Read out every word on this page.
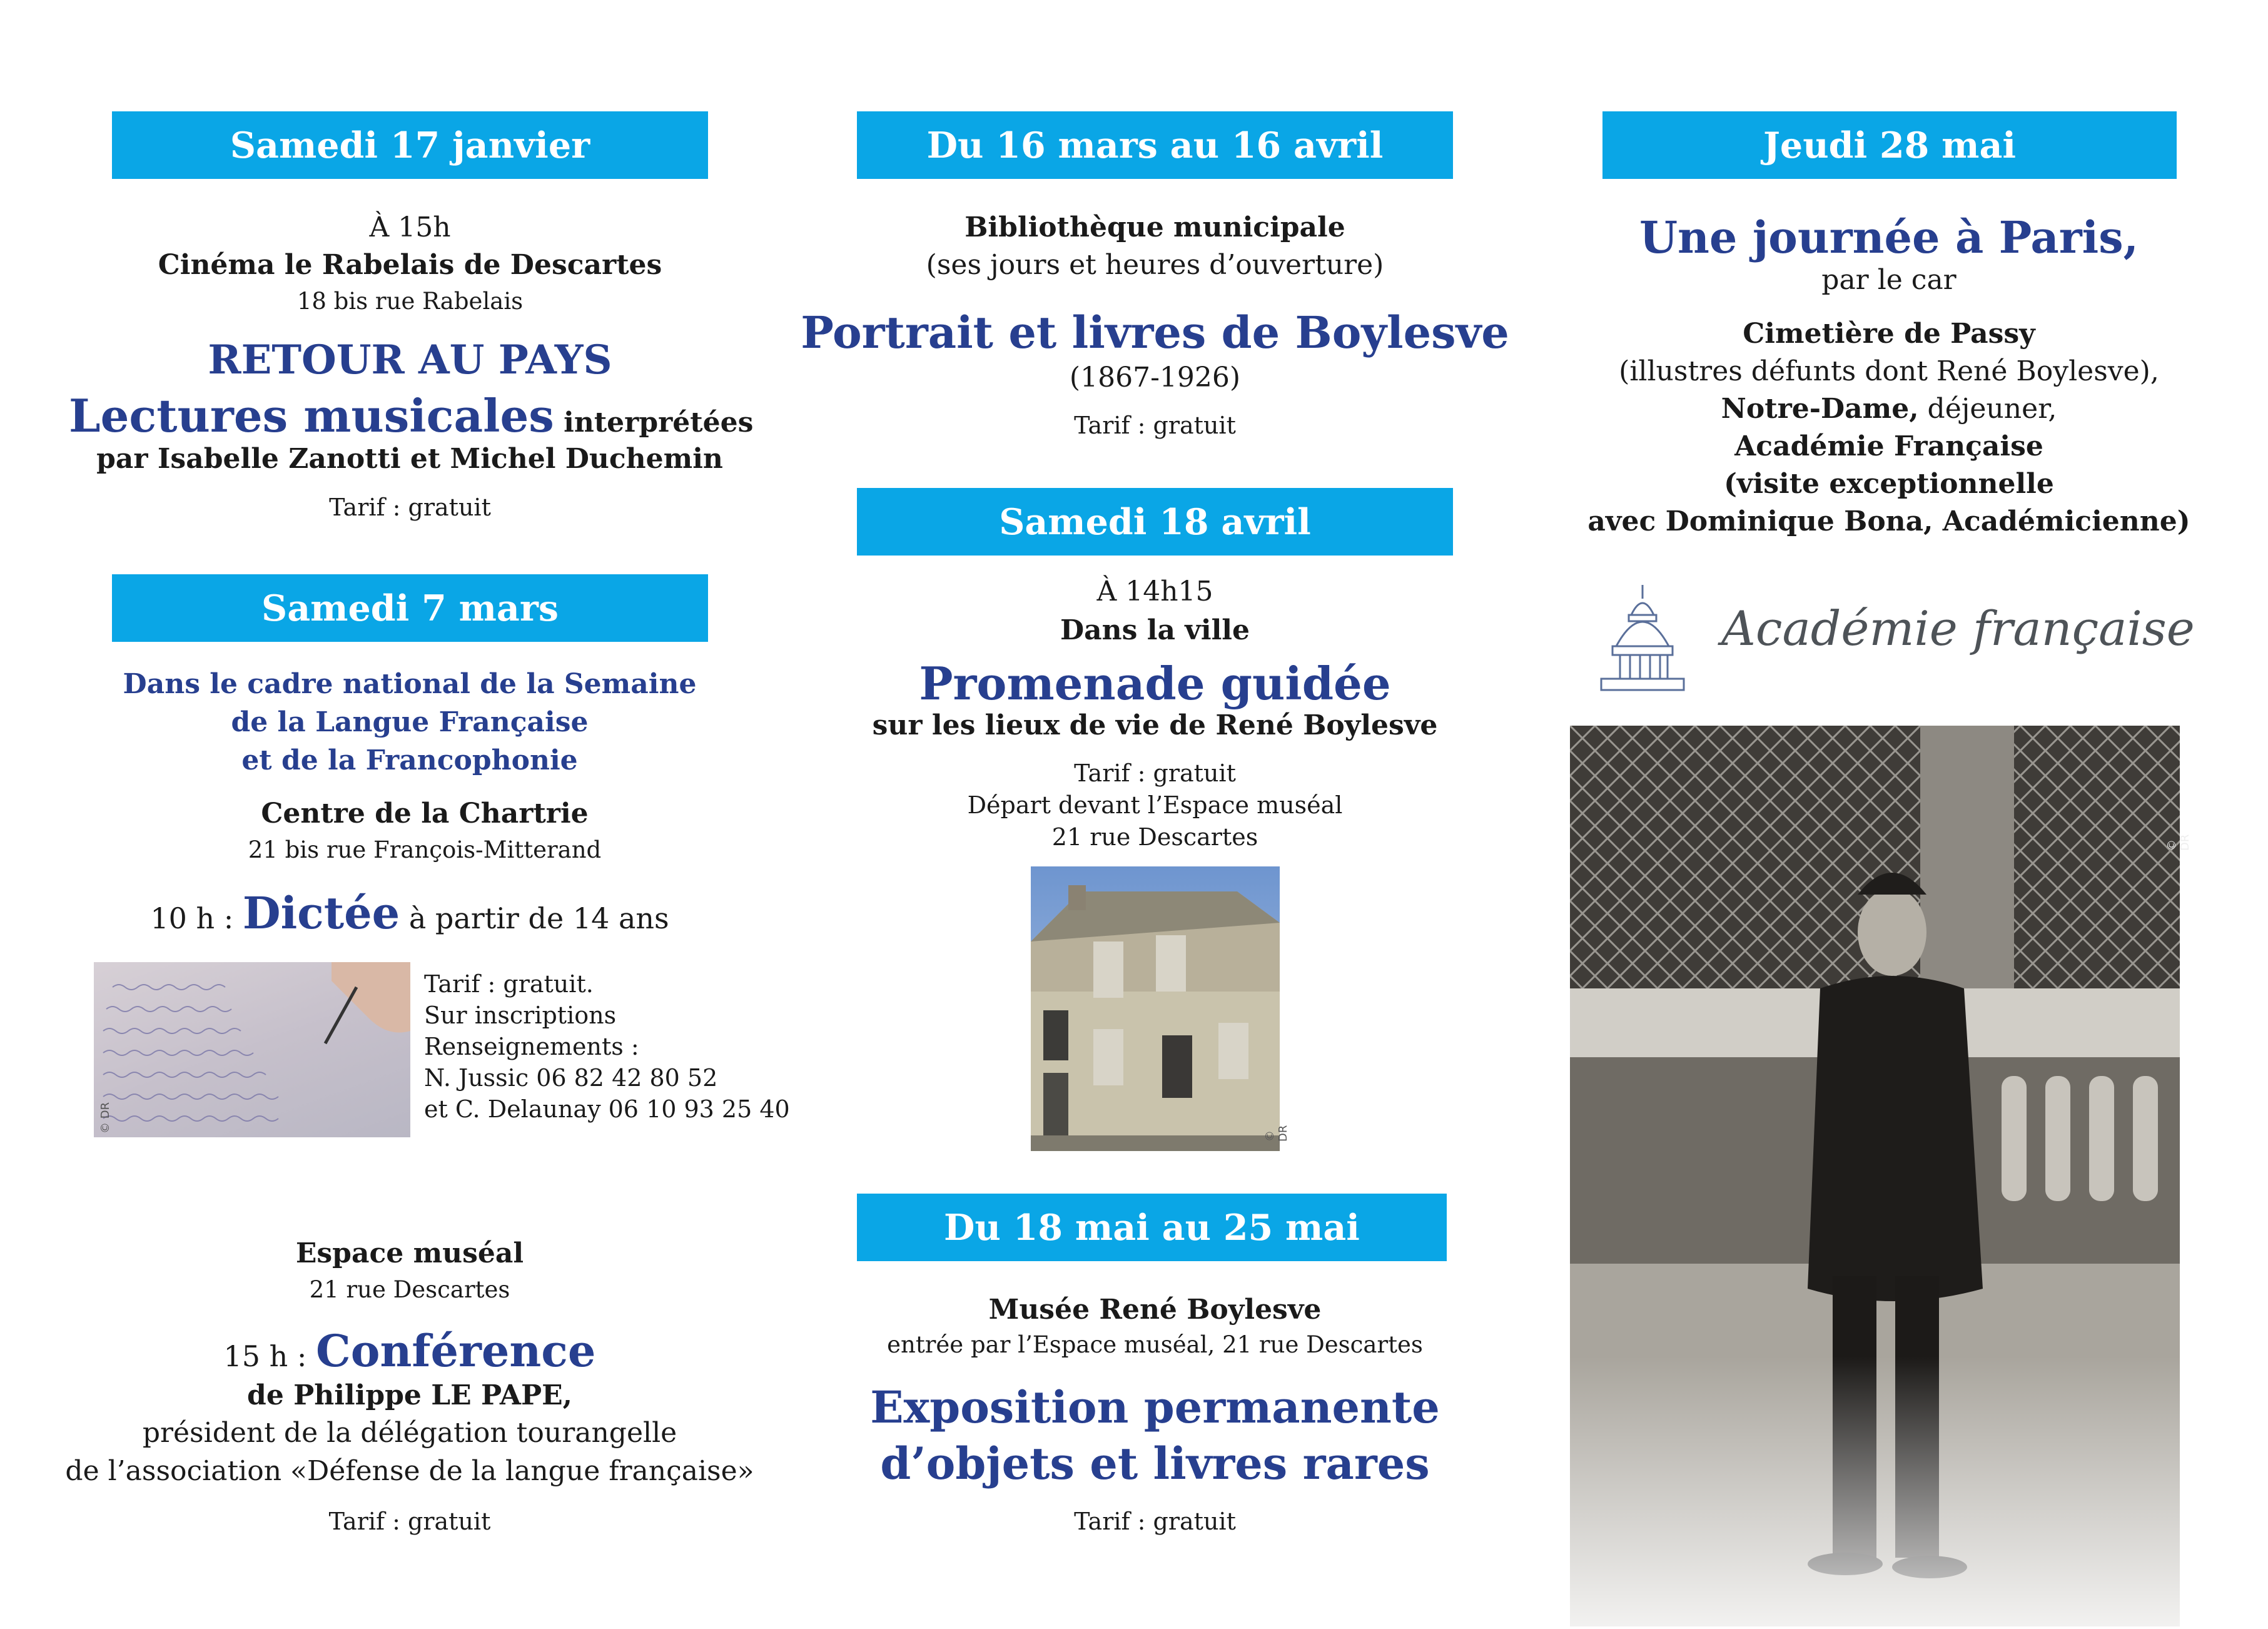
Samedi 17 janvier
À 15h
Cinéma le Rabelais de Descartes
18 bis rue Rabelais
RETOUR AU PAYS
Lectures musicales interprétées
par Isabelle Zanotti et Michel Duchemin
Tarif : gratuit
Samedi 7 mars
Dans le cadre national de la Semaine
de la Langue Française
et de la Francophonie
Centre de la Chartrie
21 bis rue François-Mitterand
10 h : Dictée à partir de 14 ans
© DR
Tarif : gratuit.
Sur inscriptions
Renseignements :
N. Jussic 06 82 42 80 52
et C. Delaunay 06 10 93 25 40
Espace muséal
21 rue Descartes
15 h : Conférence
de Philippe LE PAPE,
président de la délégation tourangelle
de l’association «Défense de la langue française»
Tarif : gratuit
Du 16 mars au 16 avril
Bibliothèque municipale
(ses jours et heures d’ouverture)
Portrait et livres de Boylesve
(1867-1926)
Tarif : gratuit
Samedi 18 avril
À 14h15
Dans la ville
Promenade guidée
sur les lieux de vie de René Boylesve
Tarif : gratuit
Départ devant l’Espace muséal
21 rue Descartes
© DR
Du 18 mai au 25 mai
Musée René Boylesve
entrée par l’Espace muséal, 21 rue Descartes
Exposition permanente
d’objets et livres rares
Tarif : gratuit
Jeudi 28 mai
Une journée à Paris,
par le car
Cimetière de Passy
(illustres défunts dont René Boylesve),
Notre-Dame, déjeuner,
Académie Française
(visite exceptionnelle
avec Dominique Bona, Académicienne)
Académie française
© DR
